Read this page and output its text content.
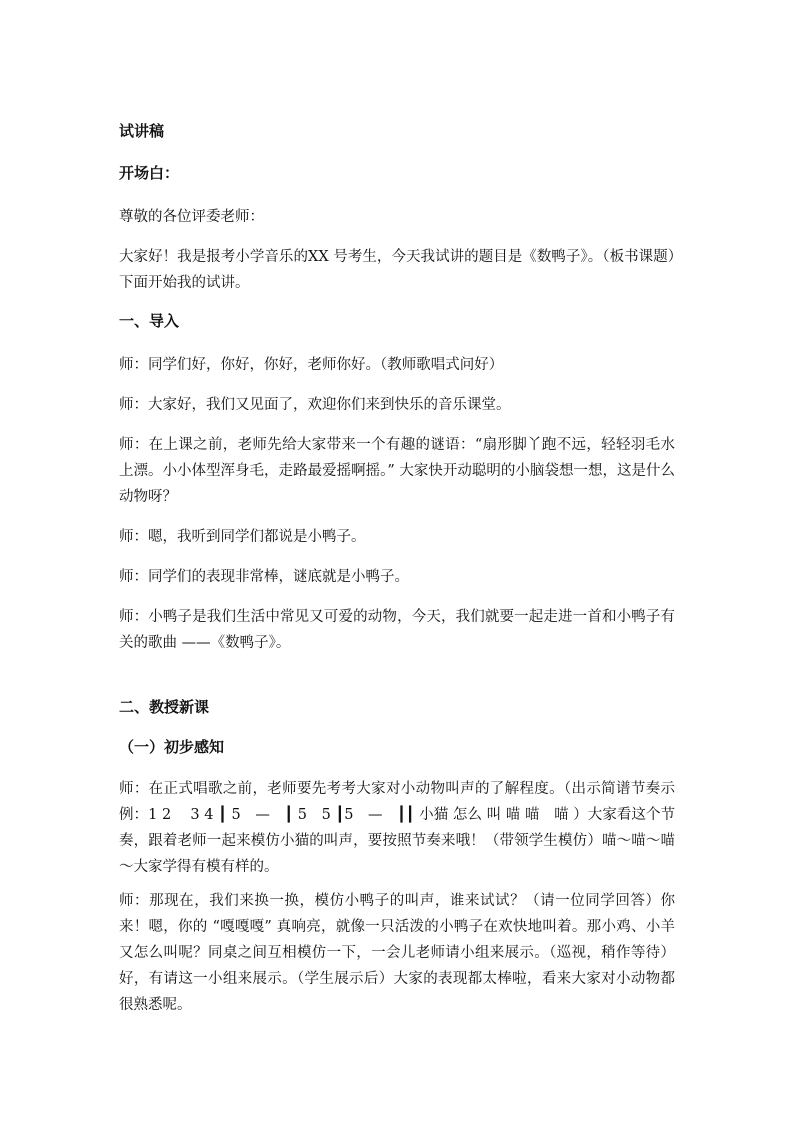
试讲稿
开场白：

尊敬的各位评委老师：

大家好！我是报考小学音乐的XX 号考生，今天我试讲的题目是《数鸭子》。（板书课题）下面开始我的试讲。

一、导入

师：同学们好，你好，你好，老师你好。（教师歌唱式问好）

师：大家好，我们又见面了，欢迎你们来到快乐的音乐课堂。

师：在上课之前，老师先给大家带来一个有趣的谜语：“扇形脚丫跑不远，轻轻羽毛水上漂。小小体型浑身毛，走路最爱摇啊摇。” 大家快开动聪明的小脑袋想一想，这是什么动物呀？

师：嗯，我听到同学们都说是小鸭子。

师：同学们的表现非常棒，谜底就是小鸭子。

师：小鸭子是我们生活中常见又可爱的动物，今天，我们就要一起走进一首和小鸭子有关的歌曲 ——《数鸭子》。

二、教授新课
（一）初步感知

师：在正式唱歌之前，老师要先考考大家对小动物叫声的了解程度。（出示简谱节奏示例：1 2　 3 4 ┃ 5　—　┃ 5　5 ┃5　—　┃┃ 小猫 怎么 叫 喵 喵　喵 ）大家看这个节奏，跟着老师一起来模仿小猫的叫声，要按照节奏来哦！（带领学生模仿）喵～喵～喵～大家学得有模有样的。

师：那现在，我们来换一换，模仿小鸭子的叫声，谁来试试？（请一位同学回答）你来！嗯，你的 “嘎嘎嘎” 真响亮，就像一只活泼的小鸭子在欢快地叫着。那小鸡、小羊又怎么叫呢？同桌之间互相模仿一下，一会儿老师请小组来展示。（巡视，稍作等待）好，有请这一小组来展示。（学生展示后）大家的表现都太棒啦，看来大家对小动物都很熟悉呢。
